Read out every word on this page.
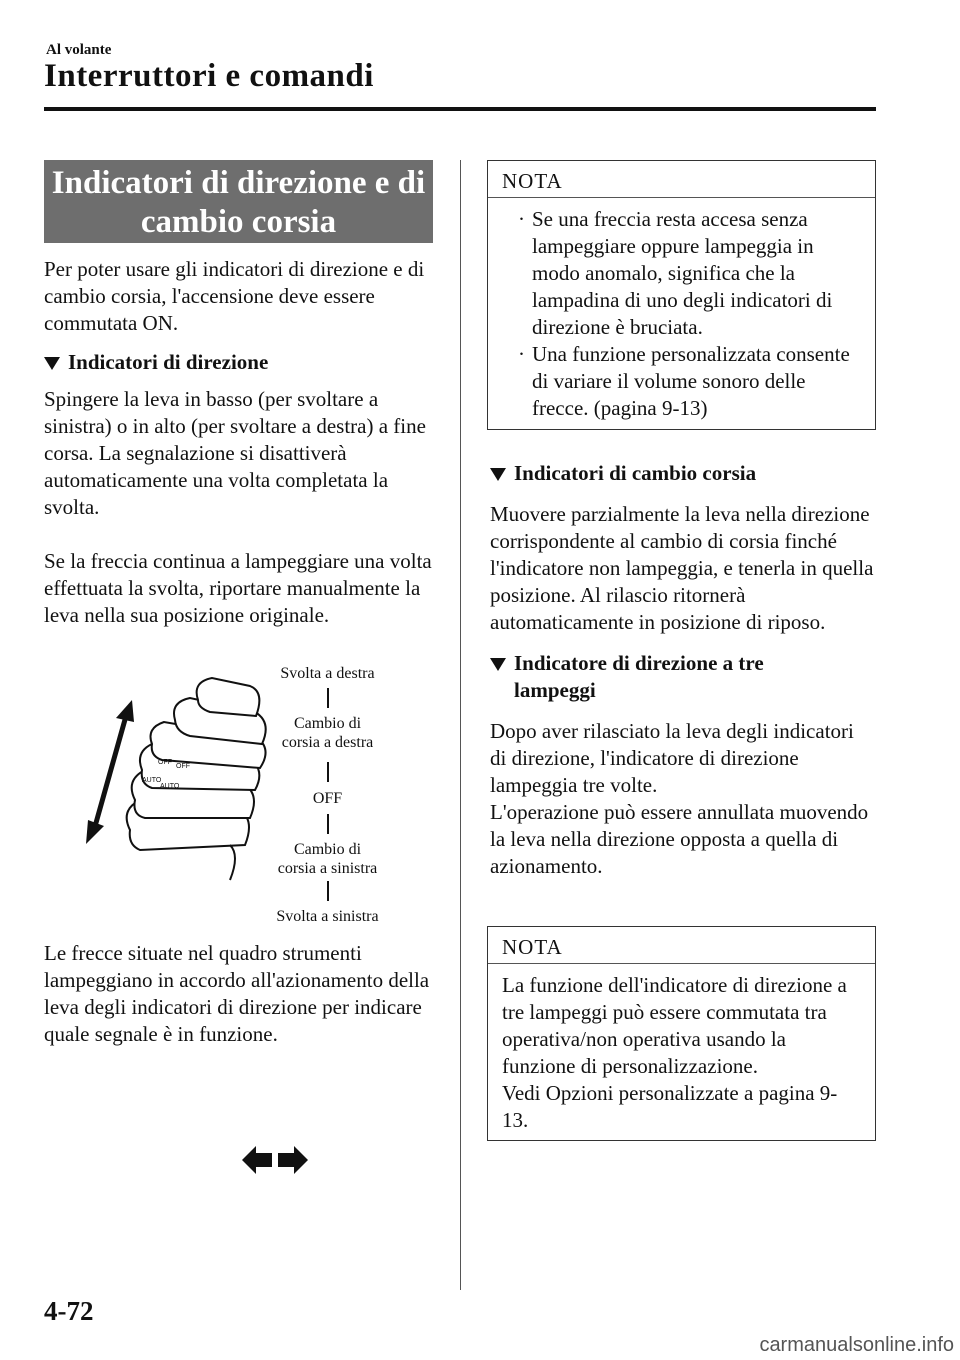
Al volante
Interruttori e comandi
Indicatori di direzione e di
cambio corsia

Per poter usare gli indicatori di direzione e di cambio corsia, l'accensione deve essere commutata ON.

Indicatori di direzione

Spingere la leva in basso (per svoltare a sinistra) o in alto (per svoltare a destra) a fine corsa. La segnalazione si disattiverà automaticamente una volta completata la svolta.

Se la freccia continua a lampeggiare una volta effettuata la svolta, riportare manualmente la leva nella sua posizione originale.

OFF
AUTO
OFF
AUTO
Svolta a destra
Cambio di
corsia a destra
OFF
Cambio di
corsia a sinistra
Svolta a sinistra
Le frecce situate nel quadro strumenti lampeggiano in accordo all'azionamento della leva degli indicatori di direzione per indicare quale segnale è in funzione.
NOTA
· Se una freccia resta accesa senza lampeggiare oppure lampeggia in modo anomalo, significa che la lampadina di uno degli indicatori di direzione è bruciata.
· Una funzione personalizzata consente di variare il volume sonoro delle frecce. (pagina 9-13)

Indicatori di cambio corsia

Muovere parzialmente la leva nella direzione corrispondente al cambio di corsia finché l'indicatore non lampeggia, e tenerla in quella posizione. Al rilascio ritornerà automaticamente in posizione di riposo.

Indicatore di direzione a tre
lampeggi

Dopo aver rilasciato la leva degli indicatori di direzione, l'indicatore di direzione lampeggia tre volte.

L'operazione può essere annullata muovendo la leva nella direzione opposta a quella di azionamento.

NOTA

La funzione dell'indicatore di direzione a tre lampeggi può essere commutata tra operativa/non operativa usando la funzione di personalizzazione.

Vedi Opzioni personalizzate a pagina 9-13.

4-72
carmanualsonline.info
